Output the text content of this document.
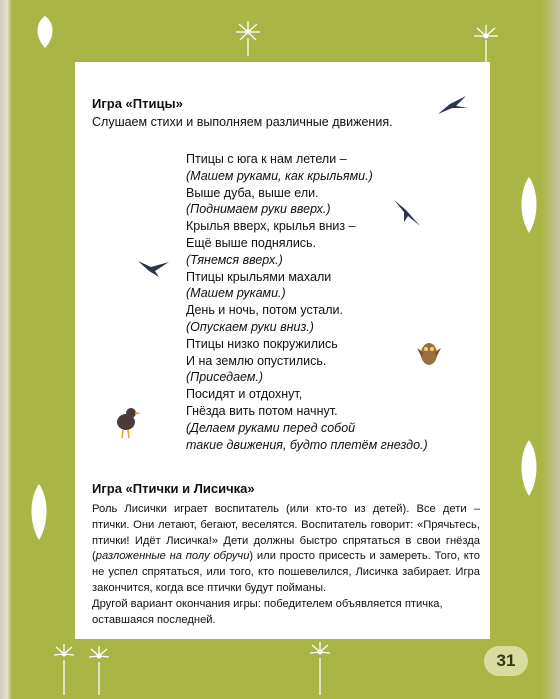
Игра «Птицы»
Слушаем стихи и выполняем различные движения.
Птицы с юга к нам летели –
(Машем руками, как крыльями.)
Выше дуба, выше ели.
(Поднимаем руки вверх.)
Крылья вверх, крылья вниз –
Ещё выше поднялись.
(Тянемся вверх.)
Птицы крыльями махали
(Машем руками.)
День и ночь, потом устали.
(Опускаем руки вниз.)
Птицы низко покружились
И на землю опустились.
(Приседаем.)
Посидят и отдохнут,
Гнёзда вить потом начнут.
(Делаем руками перед собой
такие движения, будто плетём гнездо.)
Игра «Птички и Лисичка»
Роль Лисички играет воспитатель (или кто-то из детей). Все дети – птички. Они летают, бегают, веселятся. Воспитатель говорит: «Прячьтесь, птички! Идёт Лисичка!» Дети должны быстро спрятаться в свои гнёзда (разложенные на полу обручи) или просто присесть и замереть. Того, кто не успел спрятаться, или того, кто пошевелился, Лисичка забирает. Игра закончится, когда все птички будут пойманы.
Другой вариант окончания игры: победителем объявляется птичка, оставшаяся последней.
31
